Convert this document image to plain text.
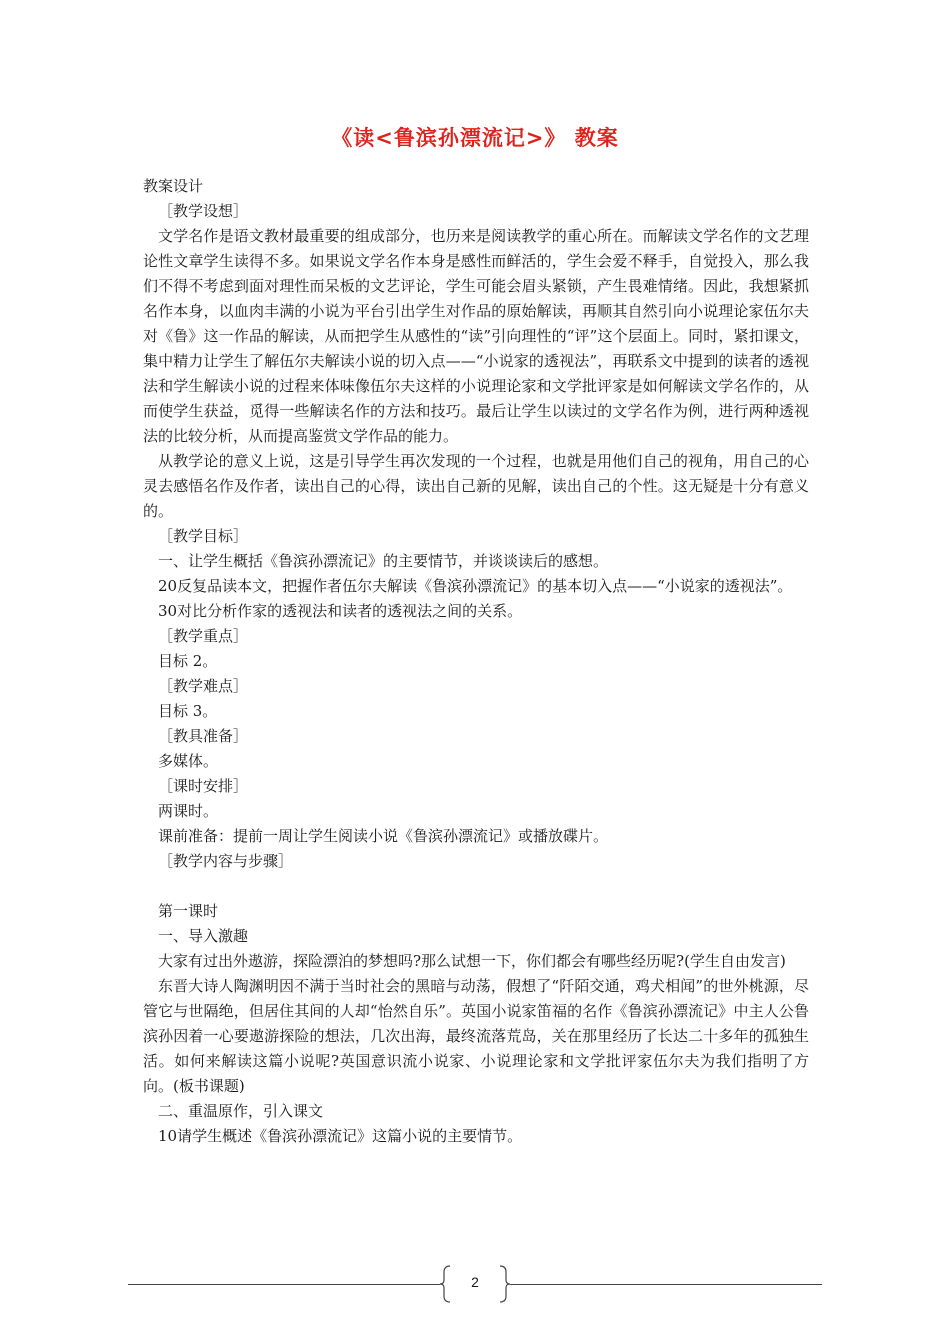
《读<鲁滨孙漂流记>》 教案

教案设计

［教学设想］

文学名作是语文教材最重要的组成部分，也历来是阅读教学的重心所在。而解读文学名作的文艺理论性文章学生读得不多。如果说文学名作本身是感性而鲜活的，学生会爱不释手，自觉投入，那么我们不得不考虑到面对理性而呆板的文艺评论，学生可能会眉头紧锁，产生畏难情绪。因此，我想紧抓名作本身，以血肉丰满的小说为平台引出学生对作品的原始解读，再顺其自然引向小说理论家伍尔夫对《鲁》这一作品的解读，从而把学生从感性的“读”引向理性的“评”这个层面上。同时，紧扣课文，集中精力让学生了解伍尔夫解读小说的切入点——“小说家的透视法”，再联系文中提到的读者的透视法和学生解读小说的过程来体味像伍尔夫这样的小说理论家和文学批评家是如何解读文学名作的，从而使学生获益，觅得一些解读名作的方法和技巧。最后让学生以读过的文学名作为例，进行两种透视法的比较分析，从而提高鉴赏文学作品的能力。

从教学论的意义上说，这是引导学生再次发现的一个过程，也就是用他们自己的视角，用自己的心灵去感悟名作及作者，读出自己的心得，读出自己新的见解，读出自己的个性。这无疑是十分有意义的。

［教学目标］

一、让学生概括《鲁滨孙漂流记》的主要情节，并谈谈读后的感想。

20反复品读本文，把握作者伍尔夫解读《鲁滨孙漂流记》的基本切入点——“小说家的透视法”。

30对比分析作家的透视法和读者的透视法之间的关系。

［教学重点］

目标 2。

［教学难点］

目标 3。

［教具准备］

多媒体。

［课时安排］

两课时。

课前准备：提前一周让学生阅读小说《鲁滨孙漂流记》或播放碟片。

［教学内容与步骤］

第一课时

一、导入激趣

大家有过出外遨游，探险漂泊的梦想吗?那么试想一下，你们都会有哪些经历呢?(学生自由发言)

东晋大诗人陶渊明因不满于当时社会的黑暗与动荡，假想了“阡陌交通，鸡犬相闻”的世外桃源，尽管它与世隔绝，但居住其间的人却“怡然自乐”。英国小说家笛福的名作《鲁滨孙漂流记》中主人公鲁滨孙因着一心要遨游探险的想法，几次出海，最终流落荒岛，关在那里经历了长达二十多年的孤独生活。如何来解读这篇小说呢?英国意识流小说家、小说理论家和文学批评家伍尔夫为我们指明了方向。(板书课题)

二、重温原作，引入课文

10请学生概述《鲁滨孙漂流记》这篇小说的主要情节。

2
